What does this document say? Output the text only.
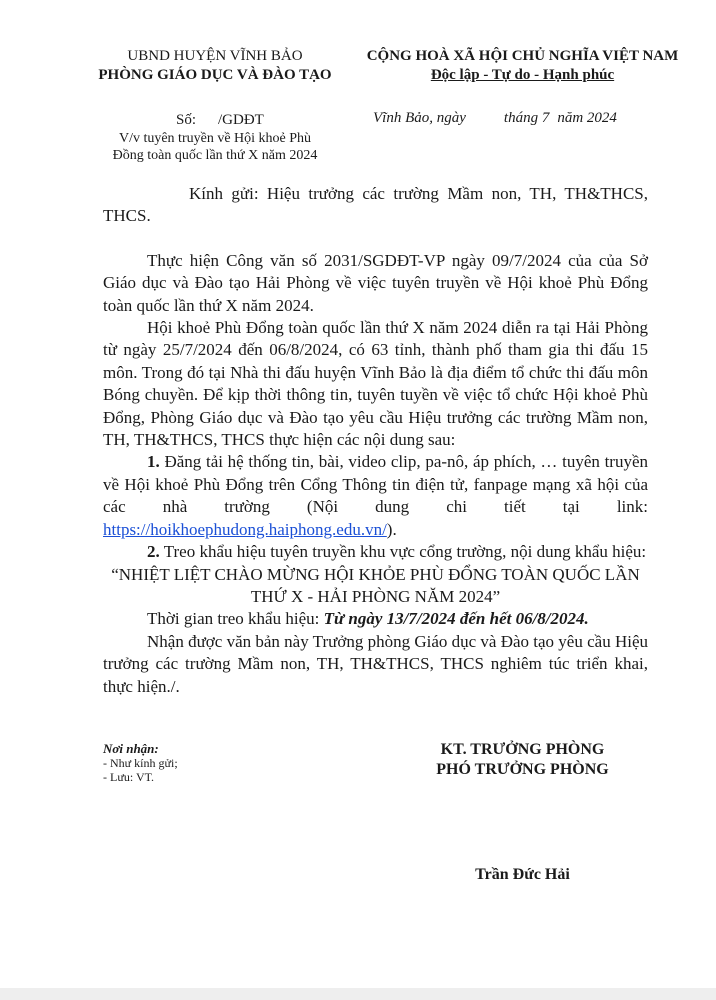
UBND HUYỆN VĨNH BẢO
PHÒNG GIÁO DỤC VÀ ĐÀO TẠO
CỘNG HOÀ XÃ HỘI CHỦ NGHĨA VIỆT NAM
Độc lập - Tự do - Hạnh phúc
Số: /GDĐT
V/v tuyên truyền về Hội khoẻ Phù
Đồng toàn quốc lần thứ X năm 2024
Vĩnh Bảo, ngày	tháng 7 năm 2024

Kính gửi: Hiệu trưởng các trường Mầm non, TH, TH&THCS,

THCS.

Thực hiện Công văn số 2031/SGDĐT-VP ngày 09/7/2024 của của Sở Giáo dục và Đào tạo Hải Phòng về việc tuyên truyền về Hội khoẻ Phù Đổng toàn quốc lần thứ X năm 2024.

Hội khoẻ Phù Đổng toàn quốc lần thứ X năm 2024 diễn ra tại Hải Phòng từ ngày 25/7/2024 đến 06/8/2024, có 63 tỉnh, thành phố tham gia thi đấu 15 môn. Trong đó tại Nhà thi đấu huyện Vĩnh Bảo là địa điểm tổ chức thi đấu môn Bóng chuyền. Để kịp thời thông tin, tuyên tuyền về việc tổ chức Hội khoẻ Phù Đổng, Phòng Giáo dục và Đào tạo yêu cầu Hiệu trưởng các trường Mầm non, TH, TH&THCS, THCS thực hiện các nội dung sau:

1. Đăng tải hệ thống tin, bài, video clip, pa-nô, áp phích, … tuyên truyền về Hội khoẻ Phù Đổng trên Cổng Thông tin điện tử, fanpage mạng xã hội của các nhà trường (Nội dung chi tiết tại link: https://hoikhoephudong.haiphong.edu.vn/).

2. Treo khẩu hiệu tuyên truyền khu vực cổng trường, nội dung khẩu hiệu:

“NHIỆT LIỆT CHÀO MỪNG HỘI KHỎE PHÙ ĐỔNG TOÀN QUỐC LẦN

THỨ X - HẢI PHÒNG NĂM 2024”

Thời gian treo khẩu hiệu: Từ ngày 13/7/2024 đến hết 06/8/2024.

Nhận được văn bản này Trưởng phòng Giáo dục và Đào tạo yêu cầu Hiệu trưởng các trường Mầm non, TH, TH&THCS, THCS nghiêm túc triển khai, thực hiện./.

Nơi nhận:
- Như kính gửi;
- Lưu: VT.
KT. TRƯỞNG PHÒNG
PHÓ TRƯỞNG PHÒNG
Trần Đức Hải
